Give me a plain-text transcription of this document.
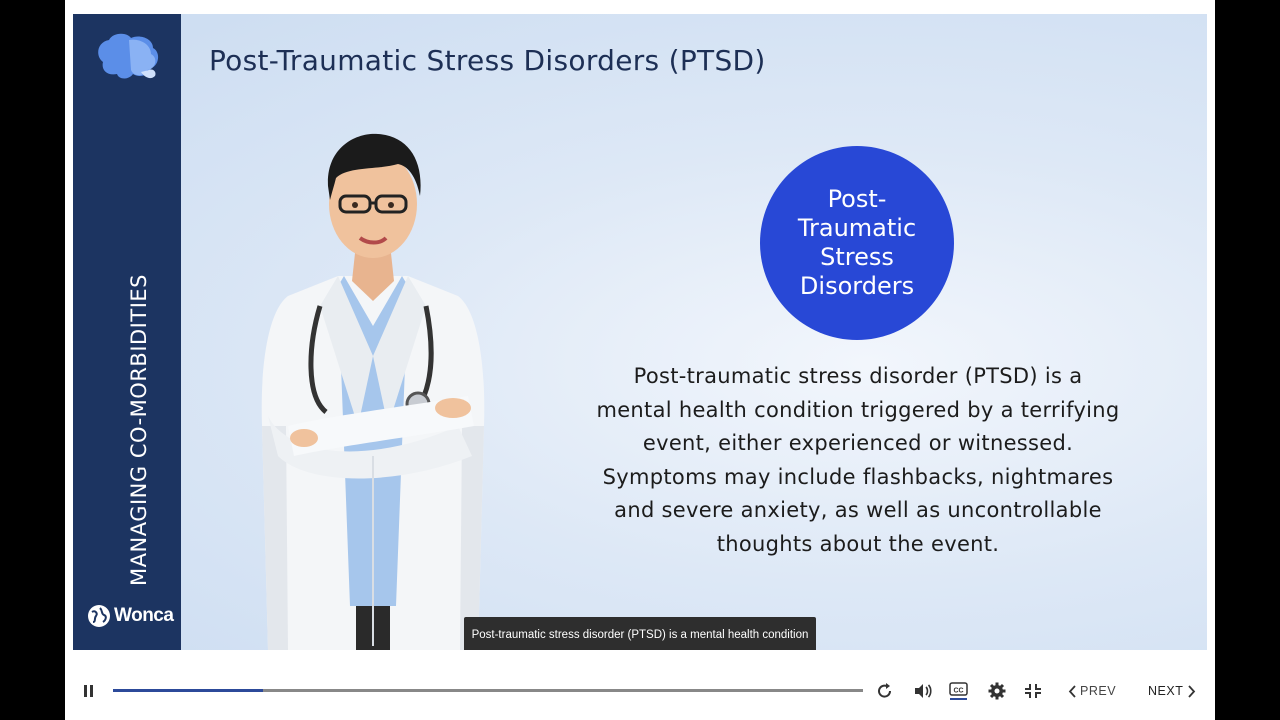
MANAGING CO-MORBIDITIES
Wonca
Post-Traumatic Stress Disorders (PTSD)
Post-Traumatic Stress Disorders
Post-traumatic stress disorder (PTSD) is a
mental health condition triggered by a terrifying
event, either experienced or witnessed.
Symptoms may include flashbacks, nightmares
and severe anxiety, as well as uncontrollable
thoughts about the event.
Post-traumatic stress disorder (PTSD) is a mental health condition
CC	PREV	NEXT
